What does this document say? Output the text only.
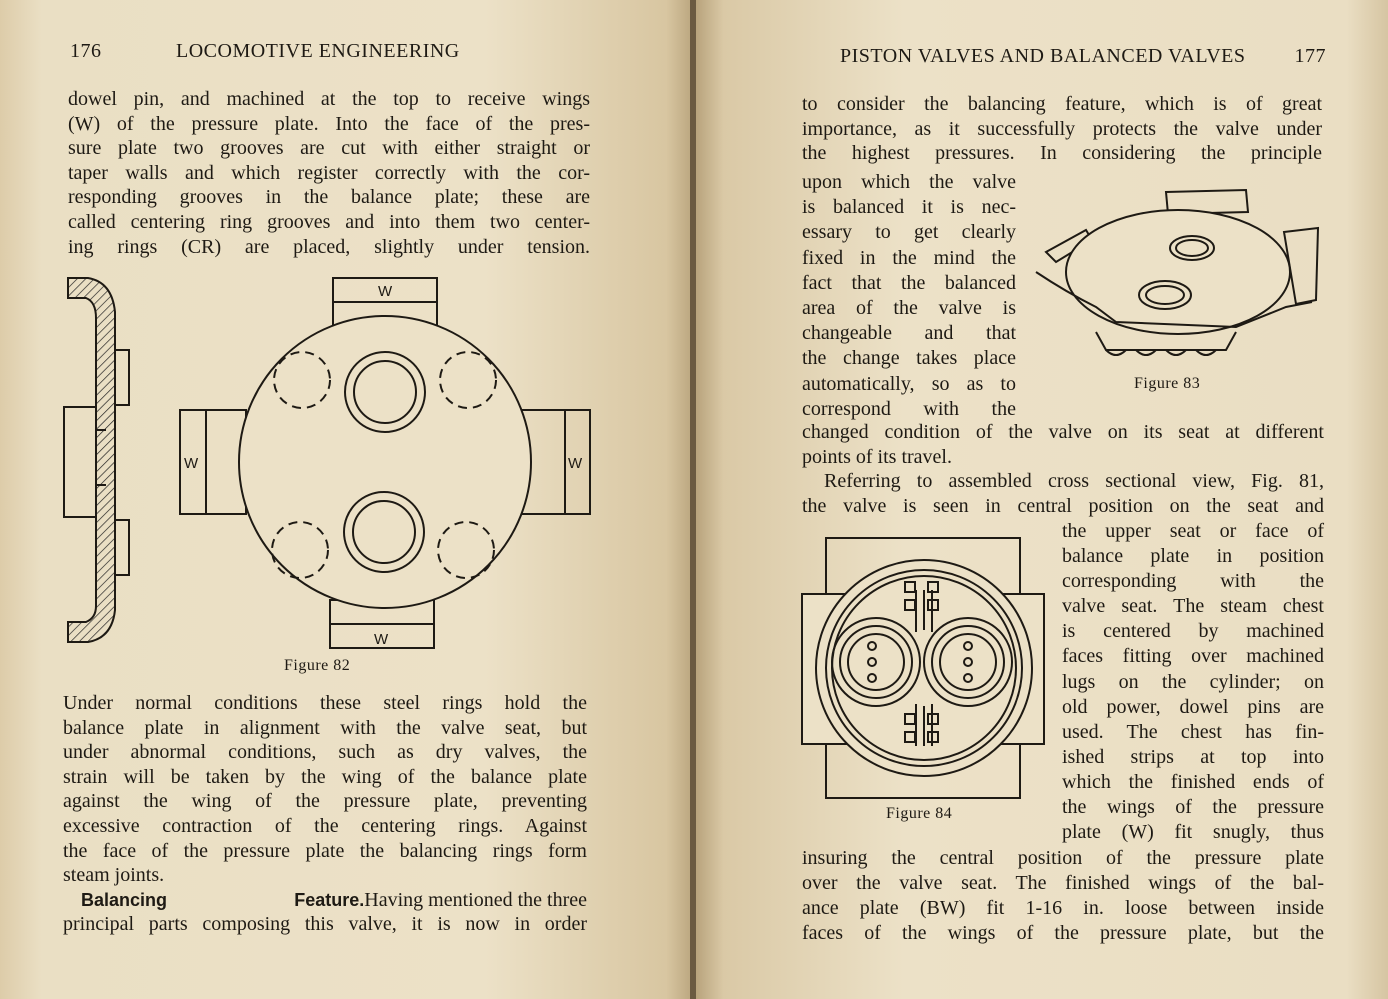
176	LOCOMOTIVE ENGINEERING
dowel pin, and machined at the top to receive wings
(W) of the pressure plate. Into the face of the pres-
sure plate two grooves are cut with either straight or
taper walls and which register correctly with the cor-
responding grooves in the balance plate; these are
called centering ring grooves and into them two center-
ing rings (CR) are placed, slightly under tension.
W
W	W
W
Figure 82
Under normal conditions these steel rings hold the
balance plate in alignment with the valve seat, but
under abnormal conditions, such as dry valves, the
strain will be taken by the wing of the balance plate
against the wing of the pressure plate, preventing
excessive contraction of the centering rings. Against
the face of the pressure plate the balancing rings form
steam joints.
Balancing Feature. Having mentioned the three
principal parts composing this valve, it is now in order
PISTON VALVES AND BALANCED VALVES 177
to consider the balancing feature, which is of great
importance, as it successfully protects the valve under
the highest pressures. In considering the principle
upon which the valve
is balanced it is nec-
essary to get clearly
fixed in the mind the
fact that the balanced
area of the valve is
changeable and that
the change takes place
automatically, so as to
correspond with the
Figure 83
changed condition of the valve on its seat at different
points of its travel.
Referring to assembled cross sectional view, Fig. 81,
the valve is seen in central position on the seat and
Figure 84
the upper seat or face of
balance plate in position
corresponding with the
valve seat. The steam chest
is centered by machined
faces fitting over machined
lugs on the cylinder; on
old power, dowel pins are
used. The chest has fin-
ished strips at top into
which the finished ends of
the wings of the pressure
plate (W) fit snugly, thus
insuring the central position of the pressure plate
over the valve seat. The finished wings of the bal-
ance plate (BW) fit 1-16 in. loose between inside
faces of the wings of the pressure plate, but the
